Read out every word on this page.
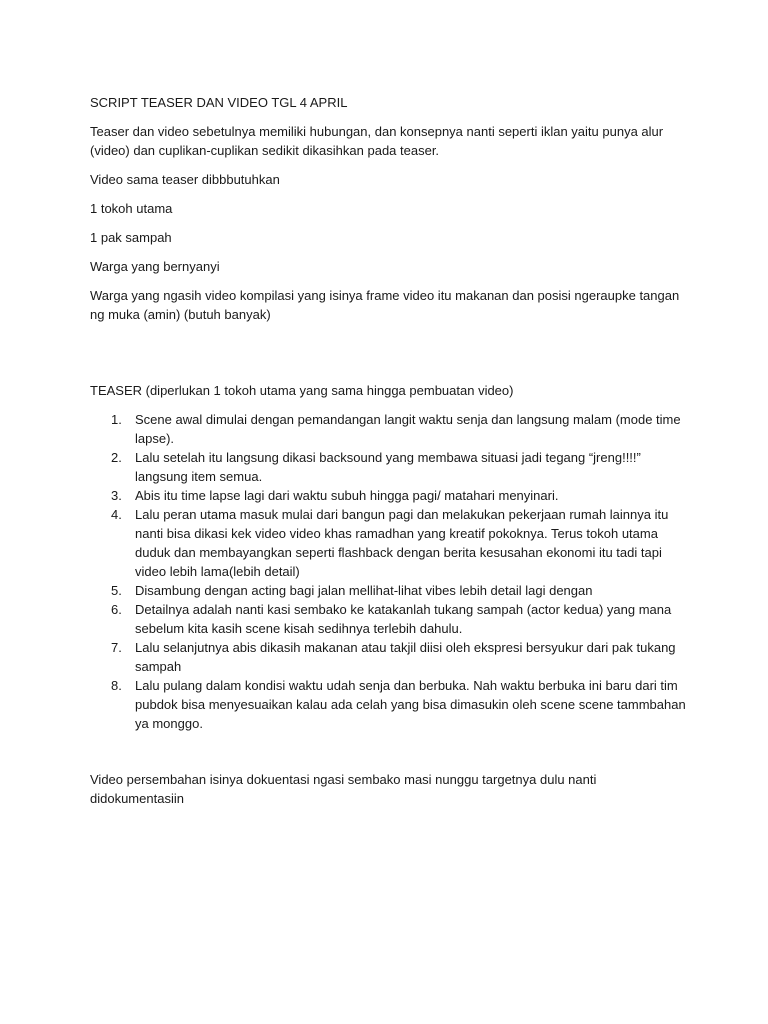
SCRIPT TEASER DAN VIDEO TGL 4 APRIL

Teaser dan video sebetulnya memiliki hubungan, dan konsepnya nanti seperti iklan yaitu punya alur (video) dan cuplikan-cuplikan sedikit dikasihkan pada teaser.

Video sama teaser dibbbutuhkan

1 tokoh utama

1 pak sampah

Warga yang bernyanyi

Warga yang ngasih video kompilasi yang isinya frame video itu makanan dan posisi ngeraupke tangan ng muka (amin) (butuh banyak)

TEASER (diperlukan 1 tokoh utama yang sama hingga pembuatan video)

1. Scene awal dimulai dengan pemandangan langit waktu senja dan langsung malam (mode time lapse).
2. Lalu setelah itu langsung dikasi backsound yang membawa situasi jadi tegang “jreng!!!!” langsung item semua.
3. Abis itu time lapse lagi dari waktu subuh hingga pagi/ matahari menyinari.
4. Lalu peran utama masuk mulai dari bangun pagi dan melakukan pekerjaan rumah lainnya itu nanti bisa dikasi kek video video khas ramadhan yang kreatif pokoknya. Terus tokoh utama duduk dan membayangkan seperti flashback dengan berita kesusahan ekonomi itu tadi tapi video lebih lama(lebih detail)
5. Disambung dengan acting bagi jalan mellihat-lihat vibes lebih detail lagi dengan
6. Detailnya adalah nanti kasi sembako ke katakanlah tukang sampah (actor kedua) yang mana sebelum kita kasih scene kisah sedihnya terlebih dahulu.
7. Lalu selanjutnya abis dikasih makanan atau takjil diisi oleh ekspresi bersyukur dari pak tukang sampah
8. Lalu pulang dalam kondisi waktu udah senja dan berbuka. Nah waktu berbuka ini baru dari tim pubdok bisa menyesuaikan kalau ada celah yang bisa dimasukin oleh scene scene tammbahan ya monggo.

Video persembahan isinya dokuentasi ngasi sembako masi nunggu targetnya dulu nanti didokumentasiin
